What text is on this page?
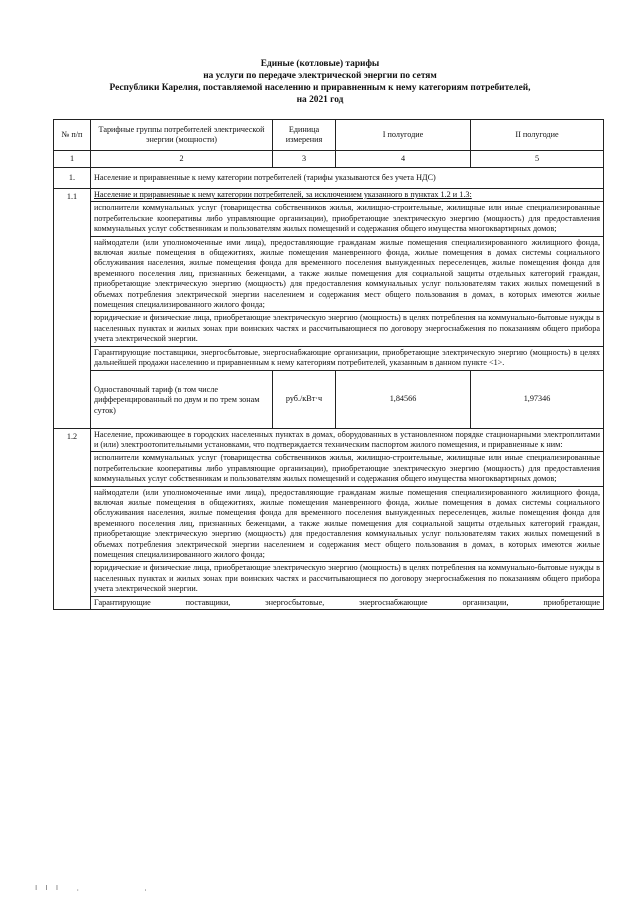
Единые (котловые) тарифы
на услуги по передаче электрической энергии по сетям
Республики Карелия, поставляемой населению и приравненным к нему категориям потребителей,
на 2021 год
№ п/п	Тарифные группы потребителей электрической энергии (мощности)	Единица измерения	I полугодие	II полугодие
1	2	3	4	5
1.	Население и приравненные к нему категории потребителей (тарифы указываются без учета НДС)			
1.1	Население и приравненные к нему категории потребителей, за исключением указанного в пунктах 1.2 и 1.3:			
	исполнители коммунальных услуг (товарищества собственников жилья, жилищно-строительные, жилищные или иные специализированные потребительские кооперативы либо управляющие организации), приобретающие электрическую энергию (мощность) для предоставления коммунальных услуг собственникам и пользователям жилых помещений и содержания общего имущества многоквартирных домов;			
	наймодатели (или уполномоченные ими лица), предоставляющие гражданам жилые помещения специализированного жилищного фонда, включая жилые помещения в общежитиях, жилые помещения маневренного фонда, жилые помещения в домах системы социального обслуживания населения, жилые помещения фонда для временного поселения вынужденных переселенцев, жилые помещения фонда для временного поселения лиц, признанных беженцами, а также жилые помещения для социальной защиты отдельных категорий граждан, приобретающие электрическую энергию (мощность) для предоставления коммунальных услуг пользователям таких жилых помещений в объемах потребления электрической энергии населением и содержания мест общего пользования в домах, в которых имеются жилые помещения специализированного жилого фонда;			
	юридические и физические лица, приобретающие электрическую энергию (мощность) в целях потребления на коммунально-бытовые нужды в населенных пунктах и жилых зонах при воинских частях и рассчитывающиеся по договору энергоснабжения по показаниям общего прибора учета электрической энергии.			
	Гарантирующие поставщики, энергосбытовые, энергоснабжающие организации, приобретающие электрическую энергию (мощность) в целях дальнейшей продажи населению и приравненным к нему категориям потребителей, указанным в данном пункте <1>.			
	Одноставочный тариф (в том числе дифференцированный по двум и по трем зонам суток)	руб./кВт·ч	1,84566	1,97346
1.2	Население, проживающее в городских населенных пунктах в домах, оборудованных в установленном порядке стационарными электроплитами и (или) электроотопительными установками, что подтверждается техническим паспортом жилого помещения, и приравненные к ним:			
	исполнители коммунальных услуг (товарищества собственников жилья, жилищно-строительные, жилищные или иные специализированные потребительские кооперативы либо управляющие организации), приобретающие электрическую энергию (мощность) для предоставления коммунальных услуг собственникам и пользователям жилых помещений и содержания общего имущества многоквартирных домов;			
	наймодатели (или уполномоченные ими лица), предоставляющие гражданам жилые помещения специализированного жилищного фонда, включая жилые помещения в общежитиях, жилые помещения маневренного фонда, жилые помещения в домах системы социального обслуживания населения, жилые помещения фонда для временного поселения вынужденных переселенцев, жилые помещения фонда для временного поселения лиц, признанных беженцами, а также жилые помещения для социальной защиты отдельных категорий граждан, приобретающие электрическую энергию (мощность) для предоставления коммунальных услуг пользователям таких жилых помещений в объемах потребления электрической энергии населением и содержания мест общего пользования в домах, в которых имеются жилые помещения специализированного жилого фонда;			
	юридические и физические лица, приобретающие электрическую энергию (мощность) в целях потребления на коммунально-бытовые нужды в населенных пунктах и жилых зонах при воинских частях и рассчитывающиеся по договору энергоснабжения по показаниям общего прибора учета электрической энергии.			
	Гарантирующие поставщики, энергосбытовые, энергоснабжающие организации, приобретающие			
ǀ ǀ ǀ   ˌ            ˌ
